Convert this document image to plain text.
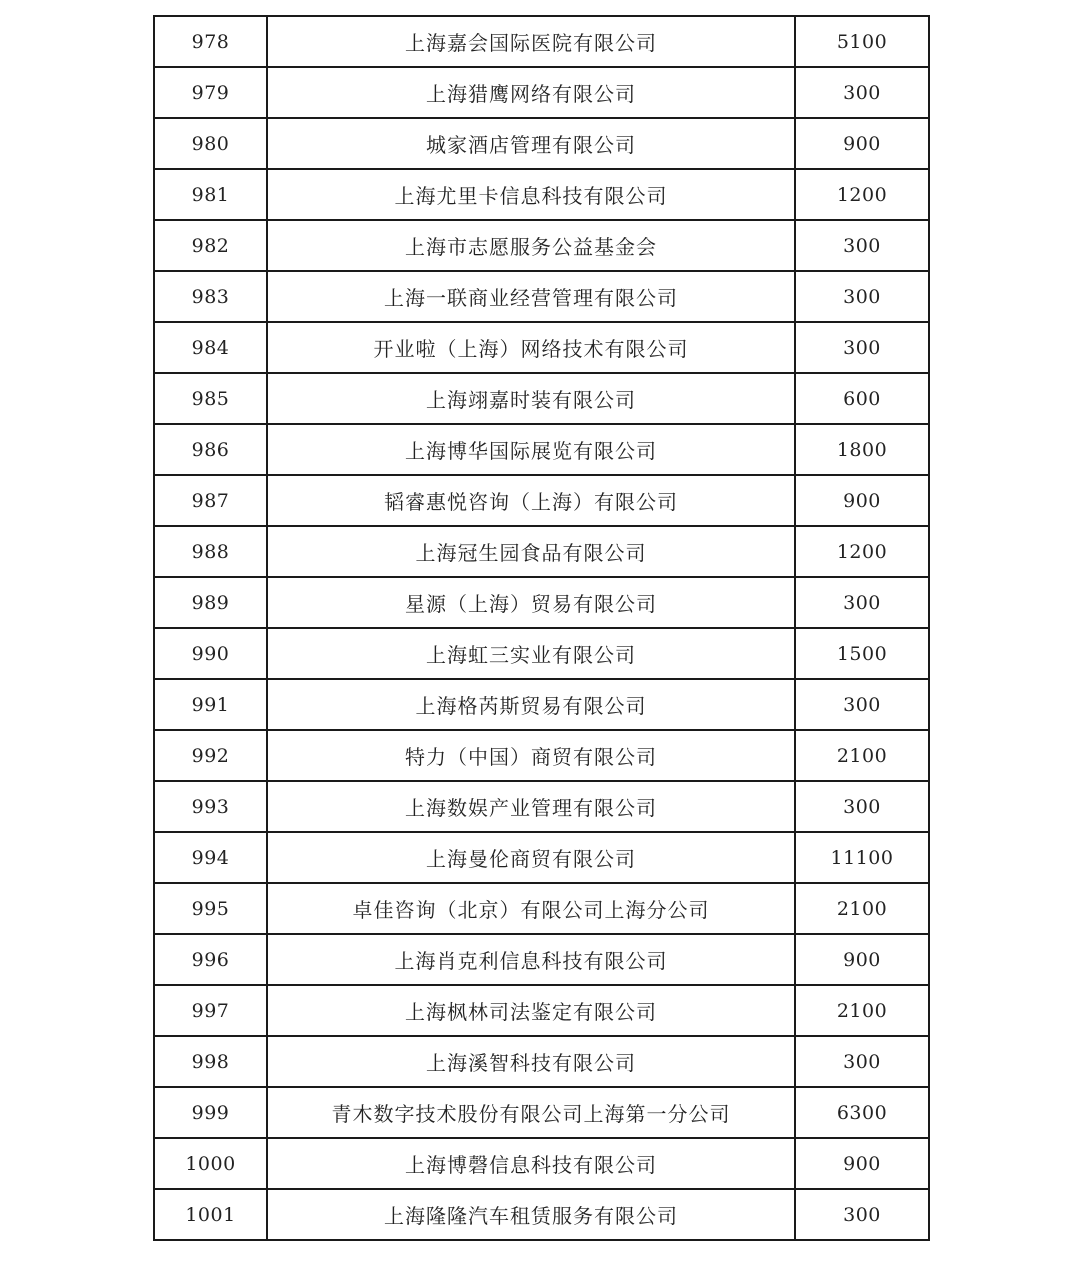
978	上海嘉会国际医院有限公司	5100
979	上海猎鹰网络有限公司	300
980	城家酒店管理有限公司	900
981	上海尤里卡信息科技有限公司	1200
982	上海市志愿服务公益基金会	300
983	上海一联商业经营管理有限公司	300
984	开业啦（上海）网络技术有限公司	300
985	上海翊嘉时装有限公司	600
986	上海博华国际展览有限公司	1800
987	韬睿惠悦咨询（上海）有限公司	900
988	上海冠生园食品有限公司	1200
989	星源（上海）贸易有限公司	300
990	上海虹三实业有限公司	1500
991	上海格芮斯贸易有限公司	300
992	特力（中国）商贸有限公司	2100
993	上海数娱产业管理有限公司	300
994	上海曼伦商贸有限公司	11100
995	卓佳咨询（北京）有限公司上海分公司	2100
996	上海肖克利信息科技有限公司	900
997	上海枫林司法鉴定有限公司	2100
998	上海溪智科技有限公司	300
999	青木数字技术股份有限公司上海第一分公司	6300
1000	上海博磬信息科技有限公司	900
1001	上海隆隆汽车租赁服务有限公司	300
